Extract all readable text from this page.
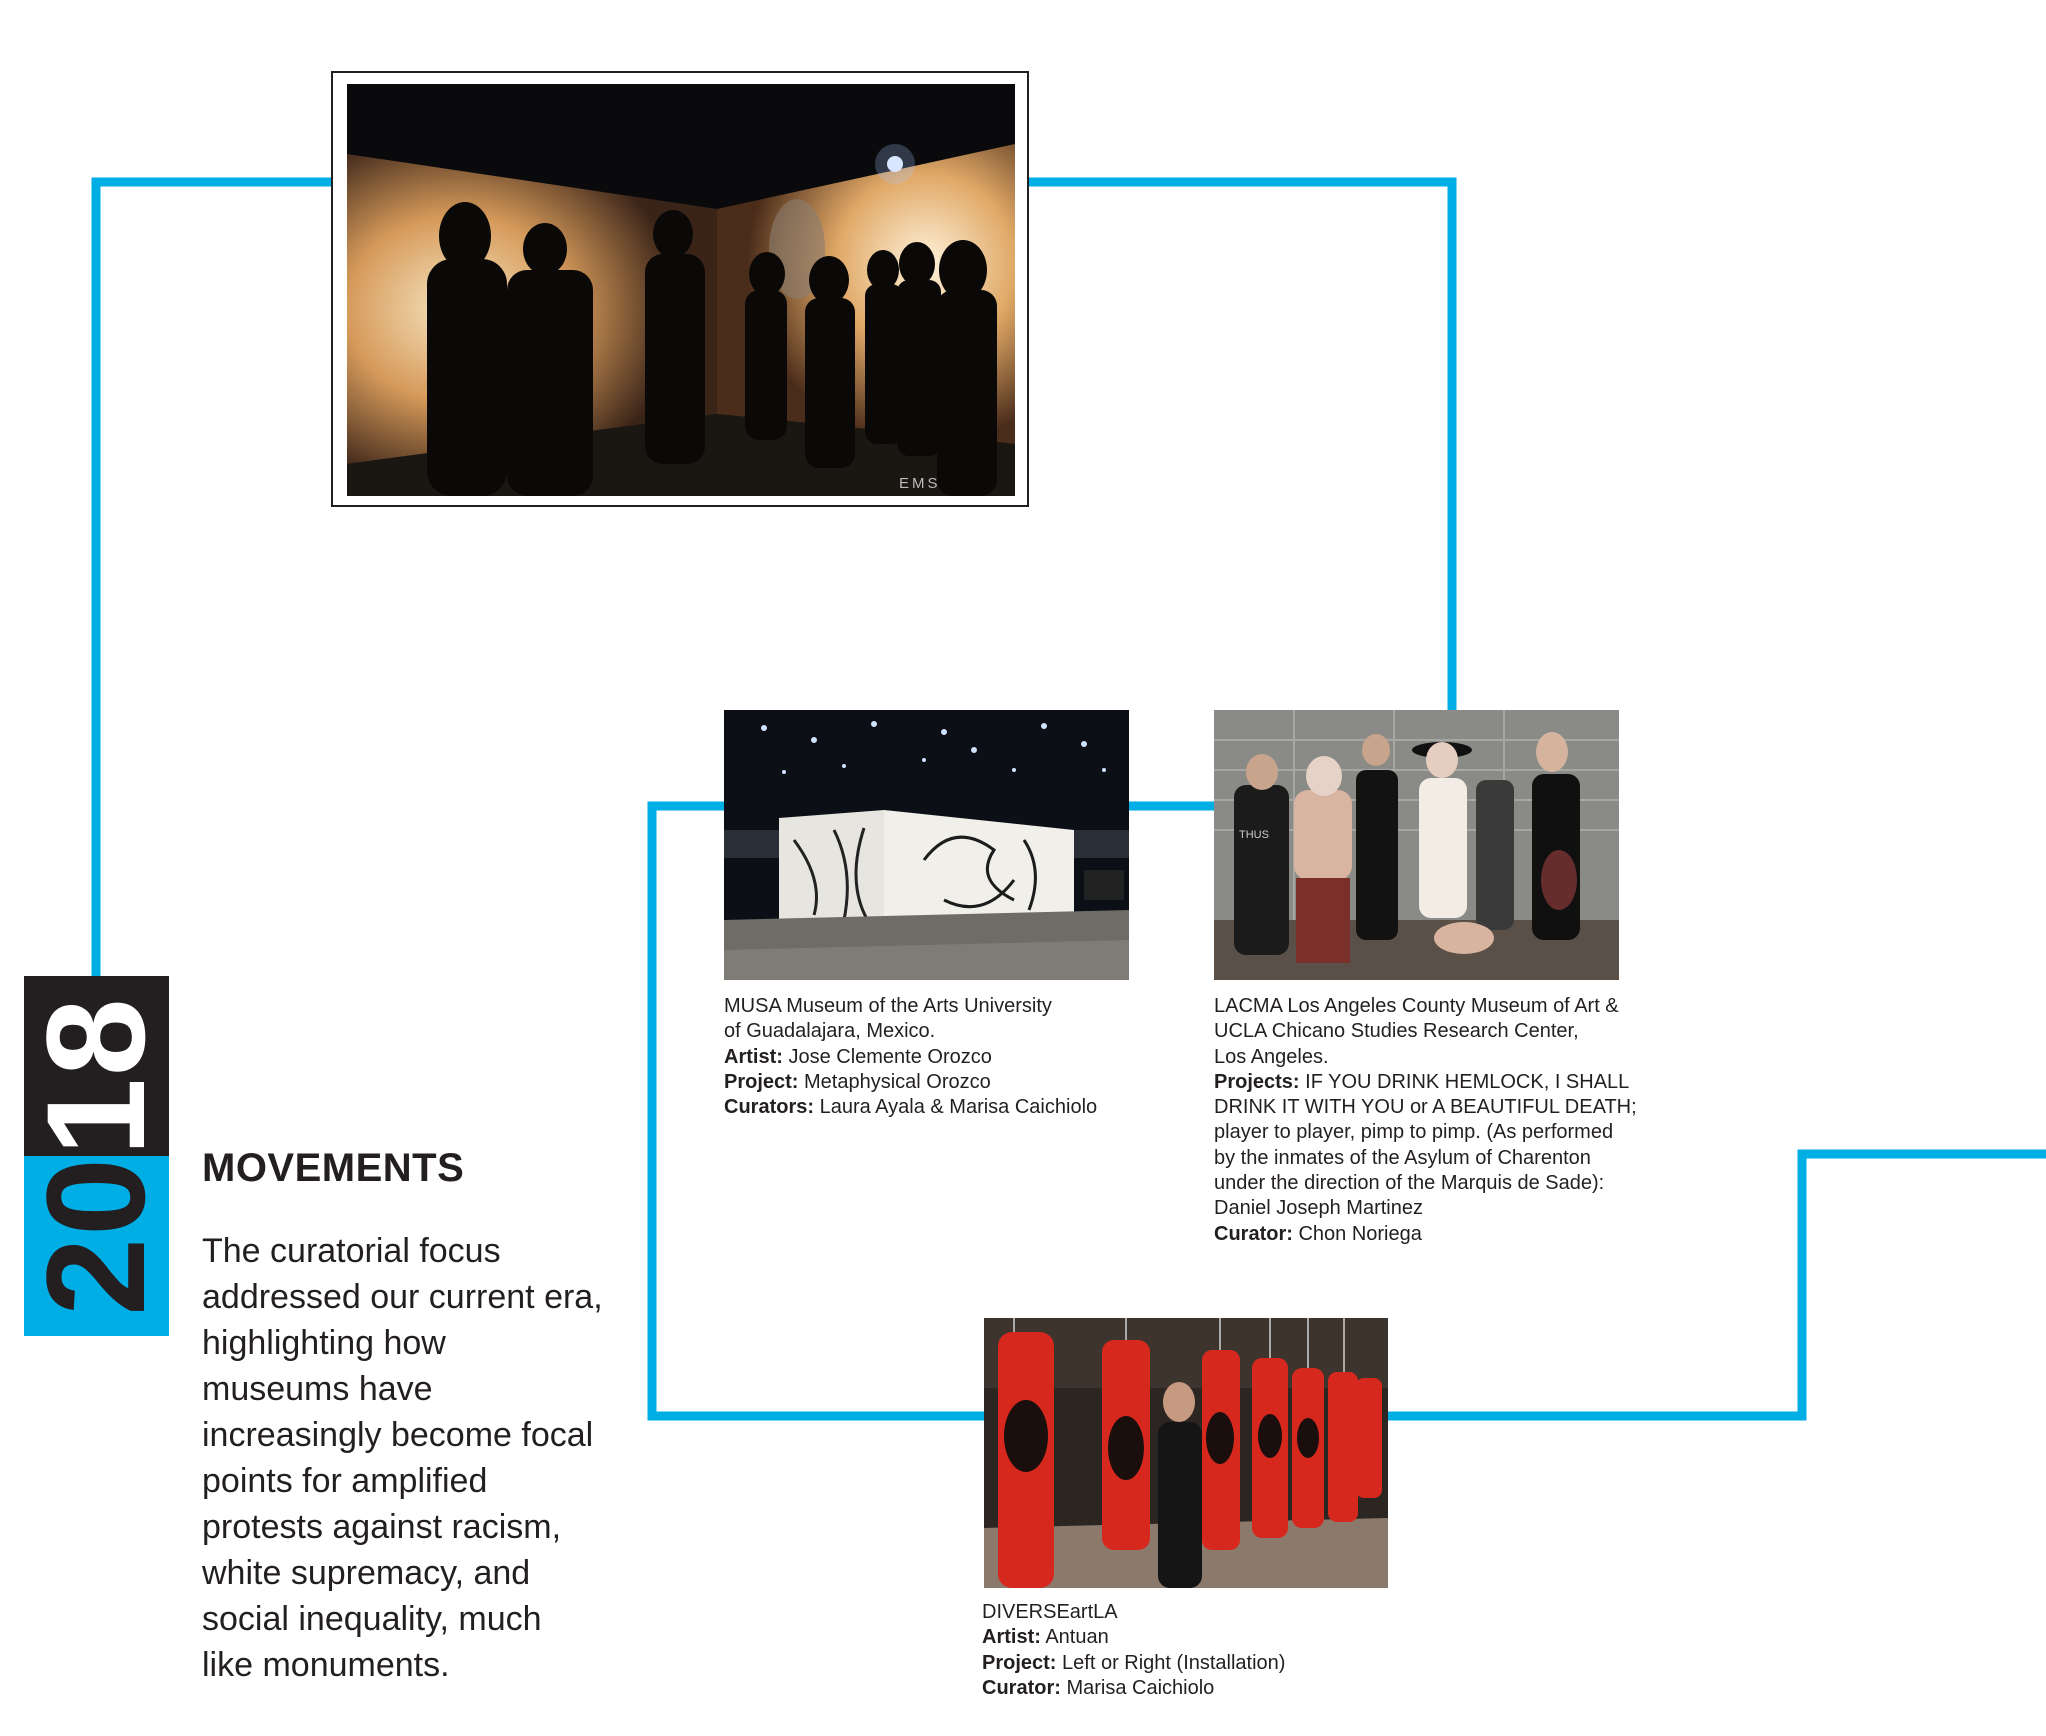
EMS
THUS
MUSA Museum of the Arts University
of Guadalajara, Mexico.
Artist: Jose Clemente Orozco
Project: Metaphysical Orozco
Curators: Laura Ayala & Marisa Caichiolo
LACMA Los Angeles County Museum of Art &
UCLA Chicano Studies Research Center,
Los Angeles.
Projects: IF YOU DRINK HEMLOCK, I SHALL
DRINK IT WITH YOU or A BEAUTIFUL DEATH;
player to player, pimp to pimp. (As performed
by the inmates of the Asylum of Charenton
under the direction of the Marquis de Sade):
Daniel Joseph Martinez
Curator: Chon Noriega
DIVERSEartLA
Artist: Antuan
Project: Left or Right (Installation)
Curator: Marisa Caichiolo
2018
MOVEMENTS
The curatorial focus
addressed our current era,
highlighting how
museums have
increasingly become focal
points for amplified
protests against racism,
white supremacy, and
social inequality, much
like monuments.
